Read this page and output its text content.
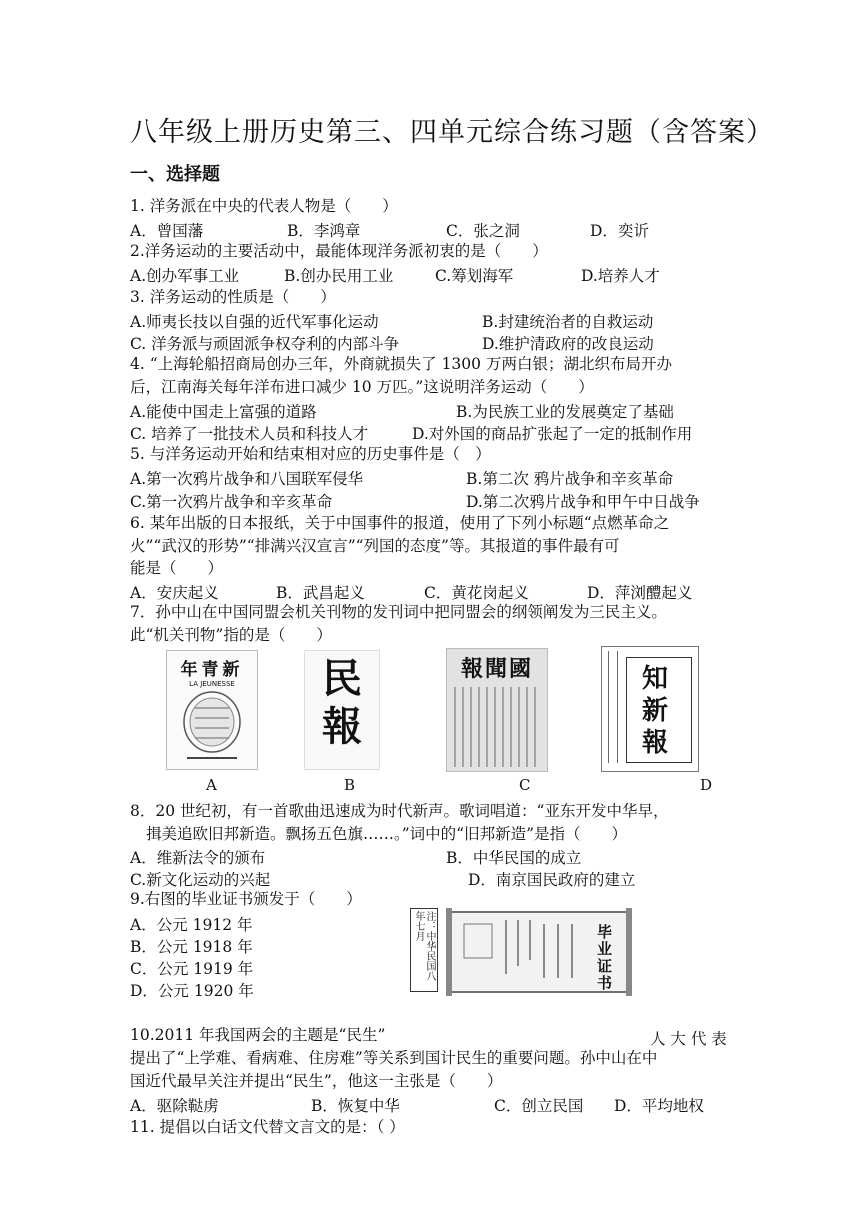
八年级上册历史第三、四单元综合练习题（含答案）
一、选择题
1. 洋务派在中央的代表人物是（　　）
A．曾国藩	B．李鸿章	C．张之洞	D．奕䜣
2.洋务运动的主要活动中，最能体现洋务派初衷的是（　　）
A.创办军事工业	B.创办民用工业	C.筹划海军	D.培养人才
3. 洋务运动的性质是（　　）
A.师夷长技以自强的近代军事化运动	B.封建统治者的自救运动
C. 洋务派与顽固派争权夺利的内部斗争	D.维护清政府的改良运动
4. “上海轮船招商局创办三年，外商就损失了 1300 万两白银；湖北织布局开办
后，江南海关每年洋布进口减少 10 万匹。”这说明洋务运动（　　）
A.能使中国走上富强的道路	B.为民族工业的发展奠定了基础
C. 培养了一批技术人员和科技人才	D.对外国的商品扩张起了一定的抵制作用
5. 与洋务运动开始和结束相对应的历史事件是（　）
A.第一次鸦片战争和八国联军侵华	B.第二次 鸦片战争和辛亥革命
C.第一次鸦片战争和辛亥革命	D.第二次鸦片战争和甲午中日战争
6. 某年出版的日本报纸，关于中国事件的报道，使用了下列小标题“点燃革命之
火”“武汉的形势”“排满兴汉宣言”“列国的态度”等。其报道的事件最有可
能是（　　）
A．安庆起义	B．武昌起义	C．黄花岗起义	D．萍浏醴起义
7．孙中山在中国同盟会机关刊物的发刊词中把同盟会的纲领阐发为三民主义。
此“机关刊物”指的是（　　）
年青新
LA JEUNESSE	民
報
報聞國	知
新
報
A	B	C	D
8．20 世纪初，有一首歌曲迅速成为时代新声。歌词唱道：“亚东开发中华早，
揖美追欧旧邦新造。飘扬五色旗……。”词中的“旧邦新造”是指（　　）
A．维新法令的颁布	B．中华民国的成立
C.新文化运动的兴起	D．南京国民政府的建立
9.右图的毕业证书颁发于（　　）
A．公元 1912 年
B．公元 1918 年
C．公元 1919 年
D．公元 1920 年
注：中华民国八年七月	毕业证书
10.2011 年我国两会的主题是“民生”	人 大 代 表
提出了“上学难、看病难、住房难”等关系到国计民生的重要问题。孙中山在中
国近代最早关注并提出“民生”，他这一主张是（　　）
A．驱除鞑虏	B．恢复中华	C．创立民国 D．平均地权
11. 提倡以白话文代替文言文的是：（ ）
